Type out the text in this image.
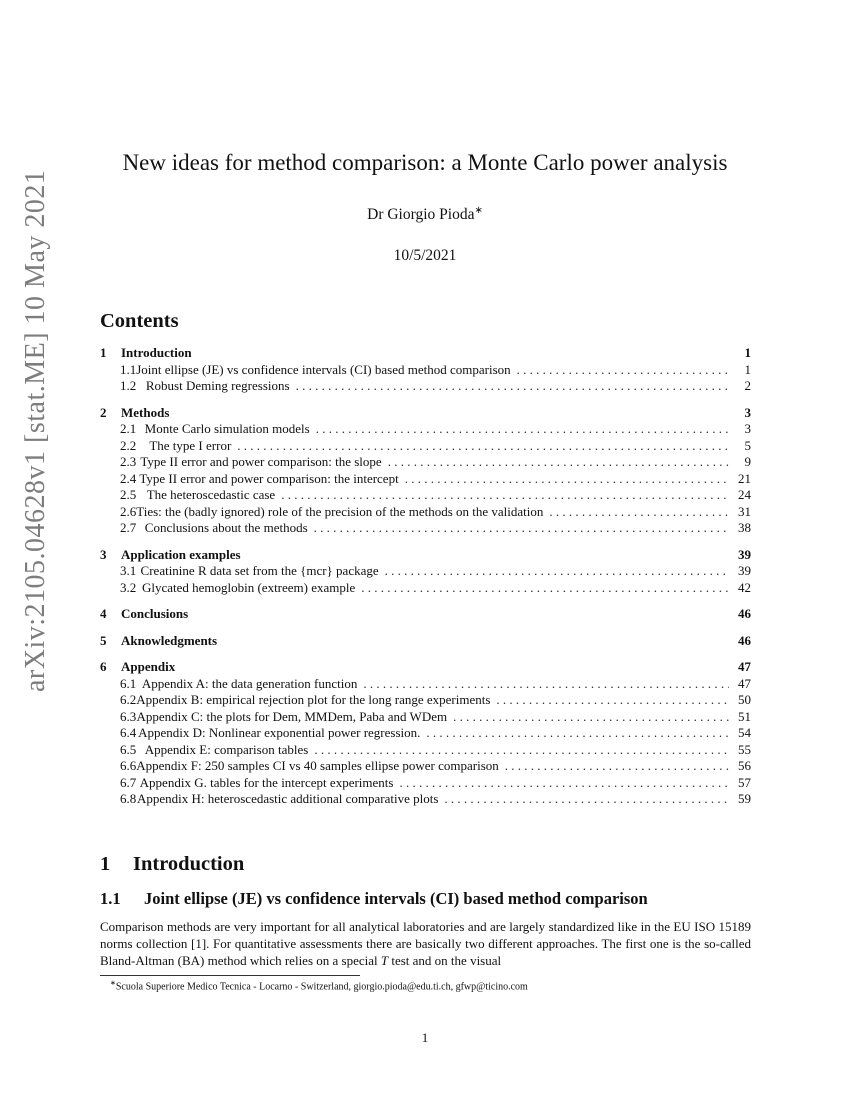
arXiv:2105.04628v1 [stat.ME] 10 May 2021
New ideas for method comparison: a Monte Carlo power analysis
Dr Giorgio Pioda∗
10/5/2021
Contents
1	Introduction	1
1.1 Joint ellipse (JE) vs confidence intervals (CI) based method comparison . . .	1
1.2 Robust Deming regressions . . .	2
2	Methods	3
2.1 Monte Carlo simulation models . . .	3
2.2	The type I error . . .	5
2.3 Type II error and power comparison: the slope . . .	9
2.4 Type II error and power comparison: the intercept . . .	21
2.5 The heteroscedastic case . . .	24
2.6 Ties: the (badly ignored) role of the precision of the methods on the validation . . .	31
2.7 Conclusions about the methods . . .	38
3	Application examples	39
3.1 Creatinine R data set from the {mcr} package . . .	39
3.2 Glycated hemoglobin (extreem) example . . .	42
4	Conclusions	46
5	Aknowledgments	46
6	Appendix	47
6.1 Appendix A: the data generation function . . .	47
6.2 Appendix B: empirical rejection plot for the long range experiments . . .	50
6.3 Appendix C: the plots for Dem, MMDem, Paba and WDem . . .	51
6.4 Appendix D: Nonlinear exponential power regression. . . .	54
6.5 Appendix E: comparison tables . . .	55
6.6 Appendix F: 250 samples CI vs 40 samples ellipse power comparison . . .	56
6.7 Appendix G. tables for the intercept experiments . . .	57
6.8 Appendix H: heteroscedastic additional comparative plots . . .	59
1 Introduction
1.1 Joint ellipse (JE) vs confidence intervals (CI) based method comparison

Comparison methods are very important for all analytical laboratories and are largely standardized like in the EU ISO 15189 norms collection [1]. For quantitative assessments there are basically two different approaches. The first one is the so-called Bland-Altman (BA) method which relies on a special T test and on the visual

∗Scuola Superiore Medico Tecnica - Locarno - Switzerland, giorgio.pioda@edu.ti.ch, gfwp@ticino.com
1
